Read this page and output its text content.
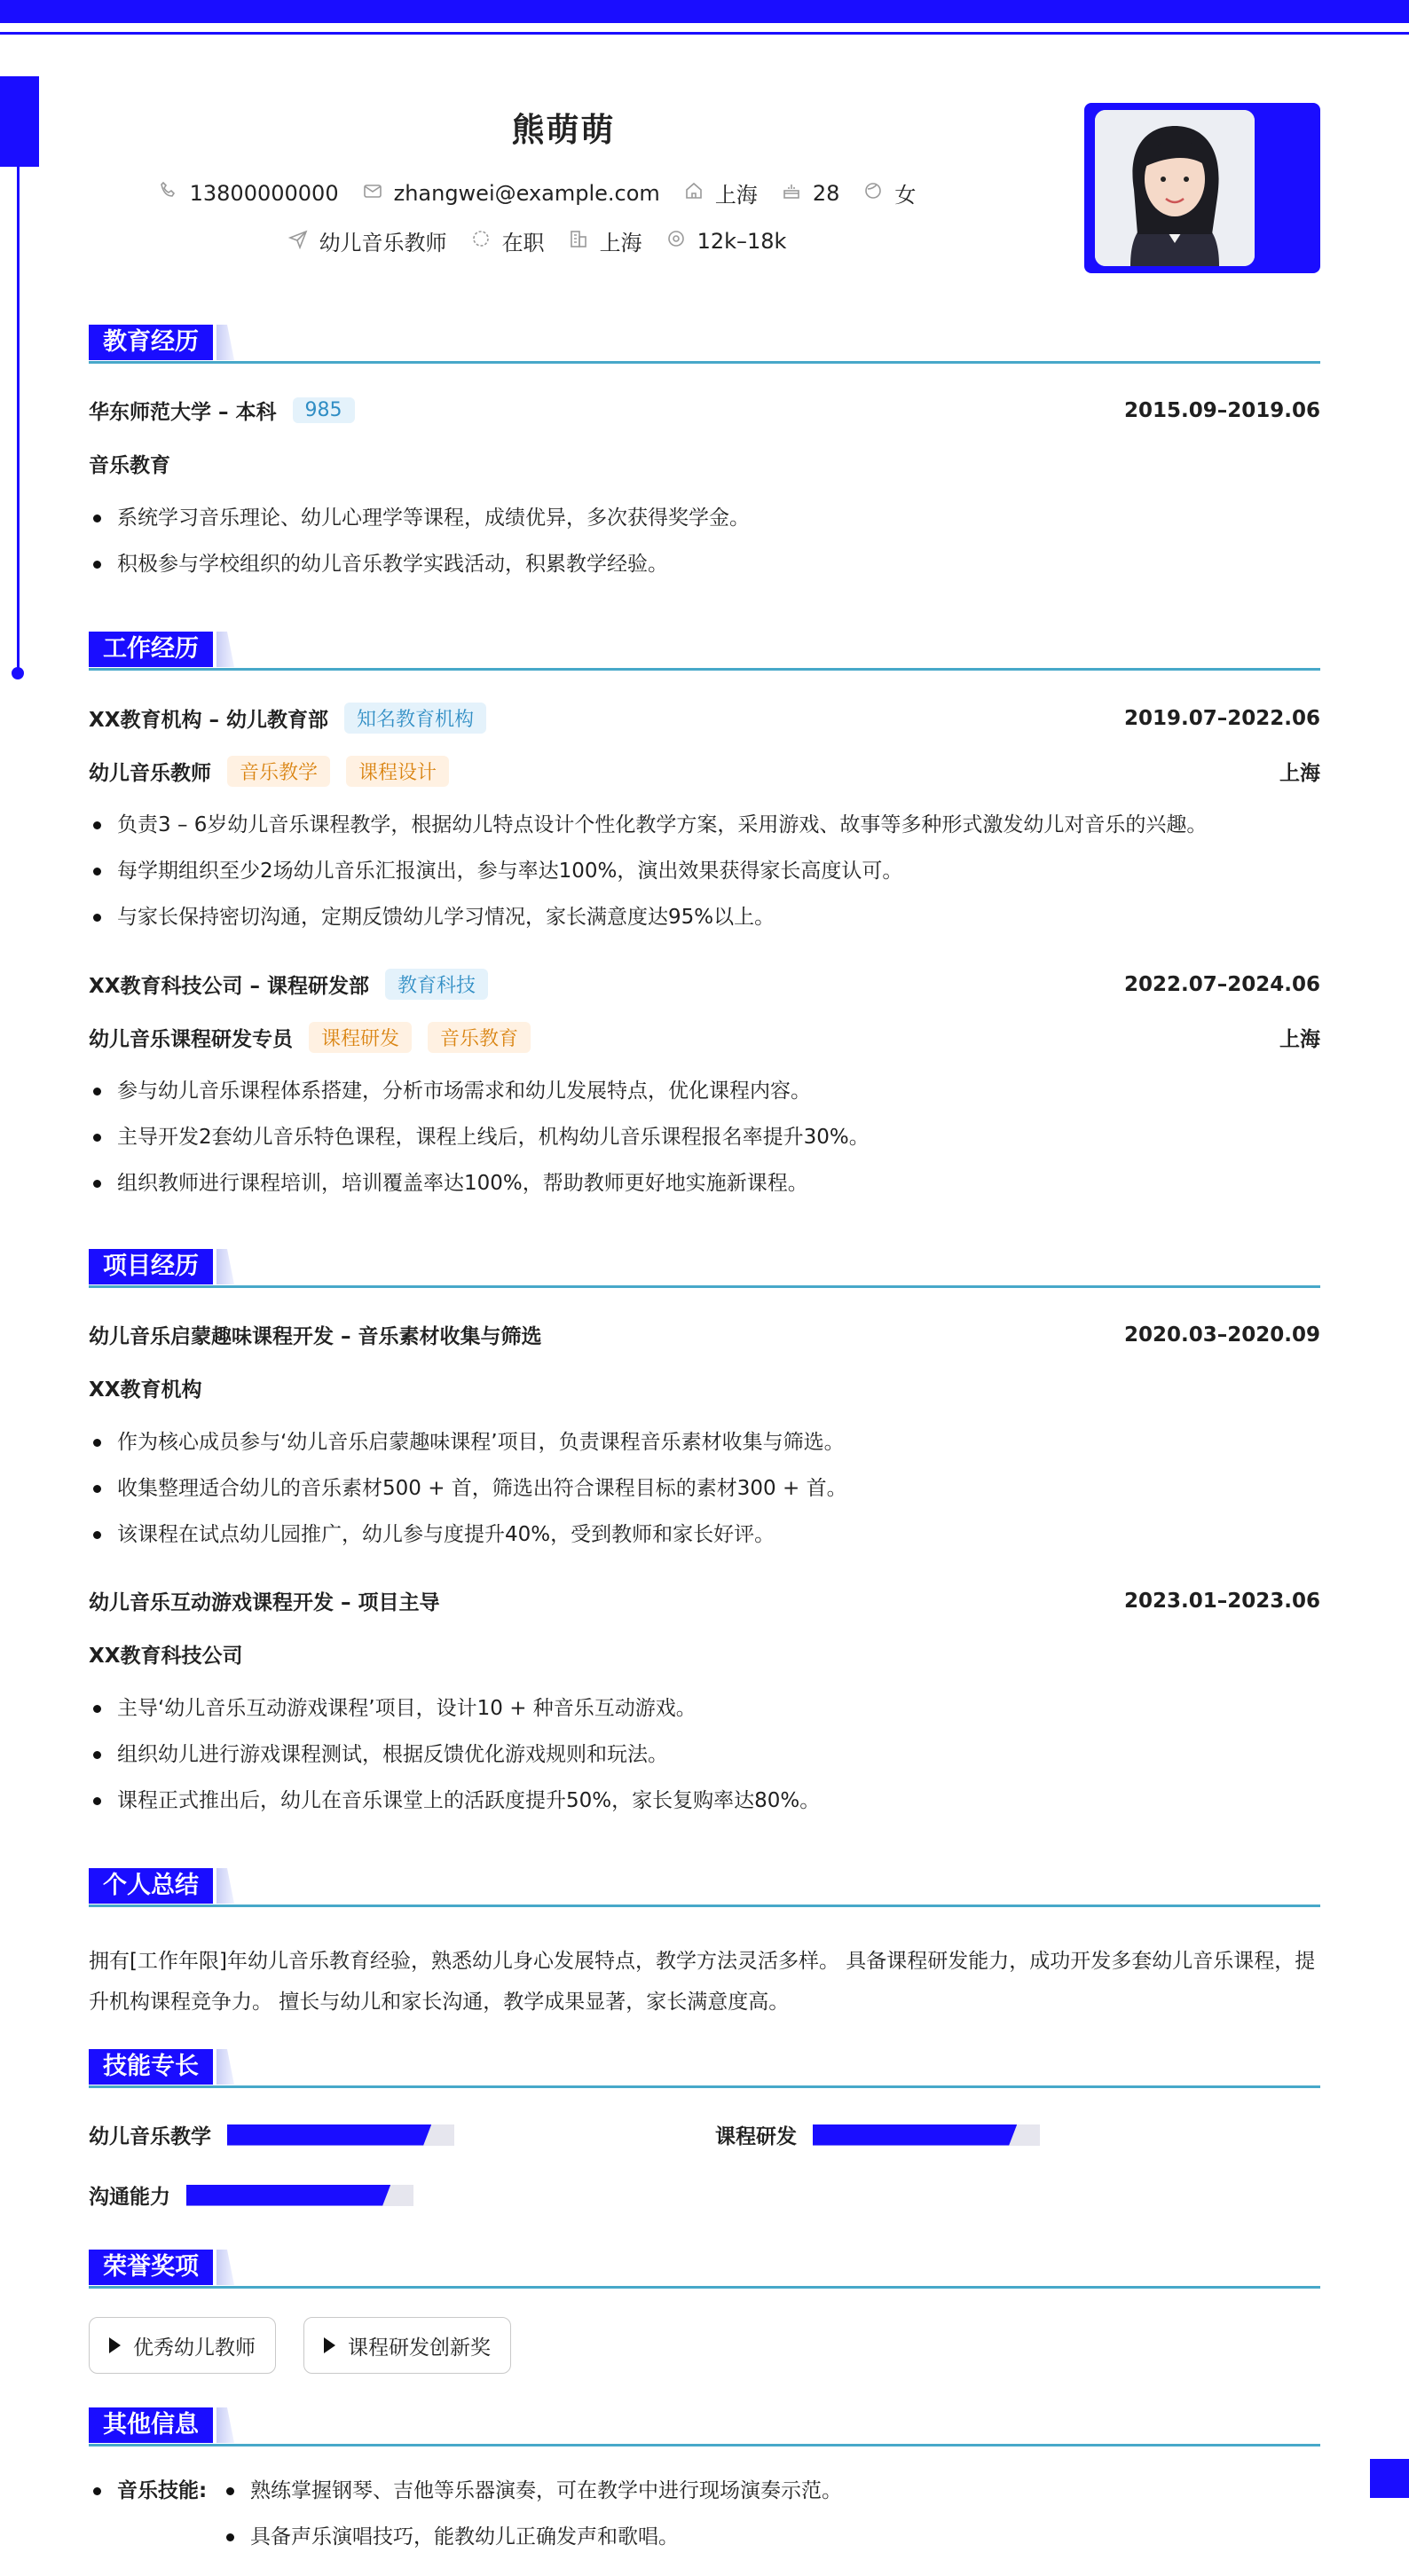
熊萌萌
13800000000	zhangwei@example.com	上海	28	女
幼儿音乐教师	在职	上海	12k–18k
教育经历
华东师范大学 – 本科	985	2015.09–2019.06
音乐教育
系统学习音乐理论、幼儿心理学等课程，成绩优异，多次获得奖学金。
积极参与学校组织的幼儿音乐教学实践活动，积累教学经验。
工作经历
XX教育机构 – 幼儿教育部	知名教育机构	2019.07–2022.06
幼儿音乐教师	音乐教学	课程设计	上海
负责3 – 6岁幼儿音乐课程教学，根据幼儿特点设计个性化教学方案，采用游戏、故事等多种形式激发幼儿对音乐的兴趣。
每学期组织至少2场幼儿音乐汇报演出，参与率达100%，演出效果获得家长高度认可。
与家长保持密切沟通，定期反馈幼儿学习情况，家长满意度达95%以上。
XX教育科技公司 – 课程研发部	教育科技	2022.07–2024.06
幼儿音乐课程研发专员	课程研发	音乐教育	上海
参与幼儿音乐课程体系搭建，分析市场需求和幼儿发展特点，优化课程内容。
主导开发2套幼儿音乐特色课程，课程上线后，机构幼儿音乐课程报名率提升30%。
组织教师进行课程培训，培训覆盖率达100%，帮助教师更好地实施新课程。
项目经历
幼儿音乐启蒙趣味课程开发 – 音乐素材收集与筛选	2020.03–2020.09
XX教育机构
作为核心成员参与‘幼儿音乐启蒙趣味课程’项目，负责课程音乐素材收集与筛选。
收集整理适合幼儿的音乐素材500 + 首，筛选出符合课程目标的素材300 + 首。
该课程在试点幼儿园推广，幼儿参与度提升40%，受到教师和家长好评。
幼儿音乐互动游戏课程开发 – 项目主导	2023.01–2023.06
XX教育科技公司
主导‘幼儿音乐互动游戏课程’项目，设计10 + 种音乐互动游戏。
组织幼儿进行游戏课程测试，根据反馈优化游戏规则和玩法。
课程正式推出后，幼儿在音乐课堂上的活跃度提升50%，家长复购率达80%。
个人总结
拥有[工作年限]年幼儿音乐教育经验，熟悉幼儿身心发展特点，教学方法灵活多样。 具备课程研发能力，成功开发多套幼儿音乐课程，提升机构课程竞争力。 擅长与幼儿和家长沟通，教学成果显著，家长满意度高。
技能专长
幼儿音乐教学	课程研发
沟通能力
荣誉奖项
优秀幼儿教师	课程研发创新奖
其他信息
音乐技能:	熟练掌握钢琴、吉他等乐器演奏，可在教学中进行现场演奏示范。
具备声乐演唱技巧，能教幼儿正确发声和歌唱。
